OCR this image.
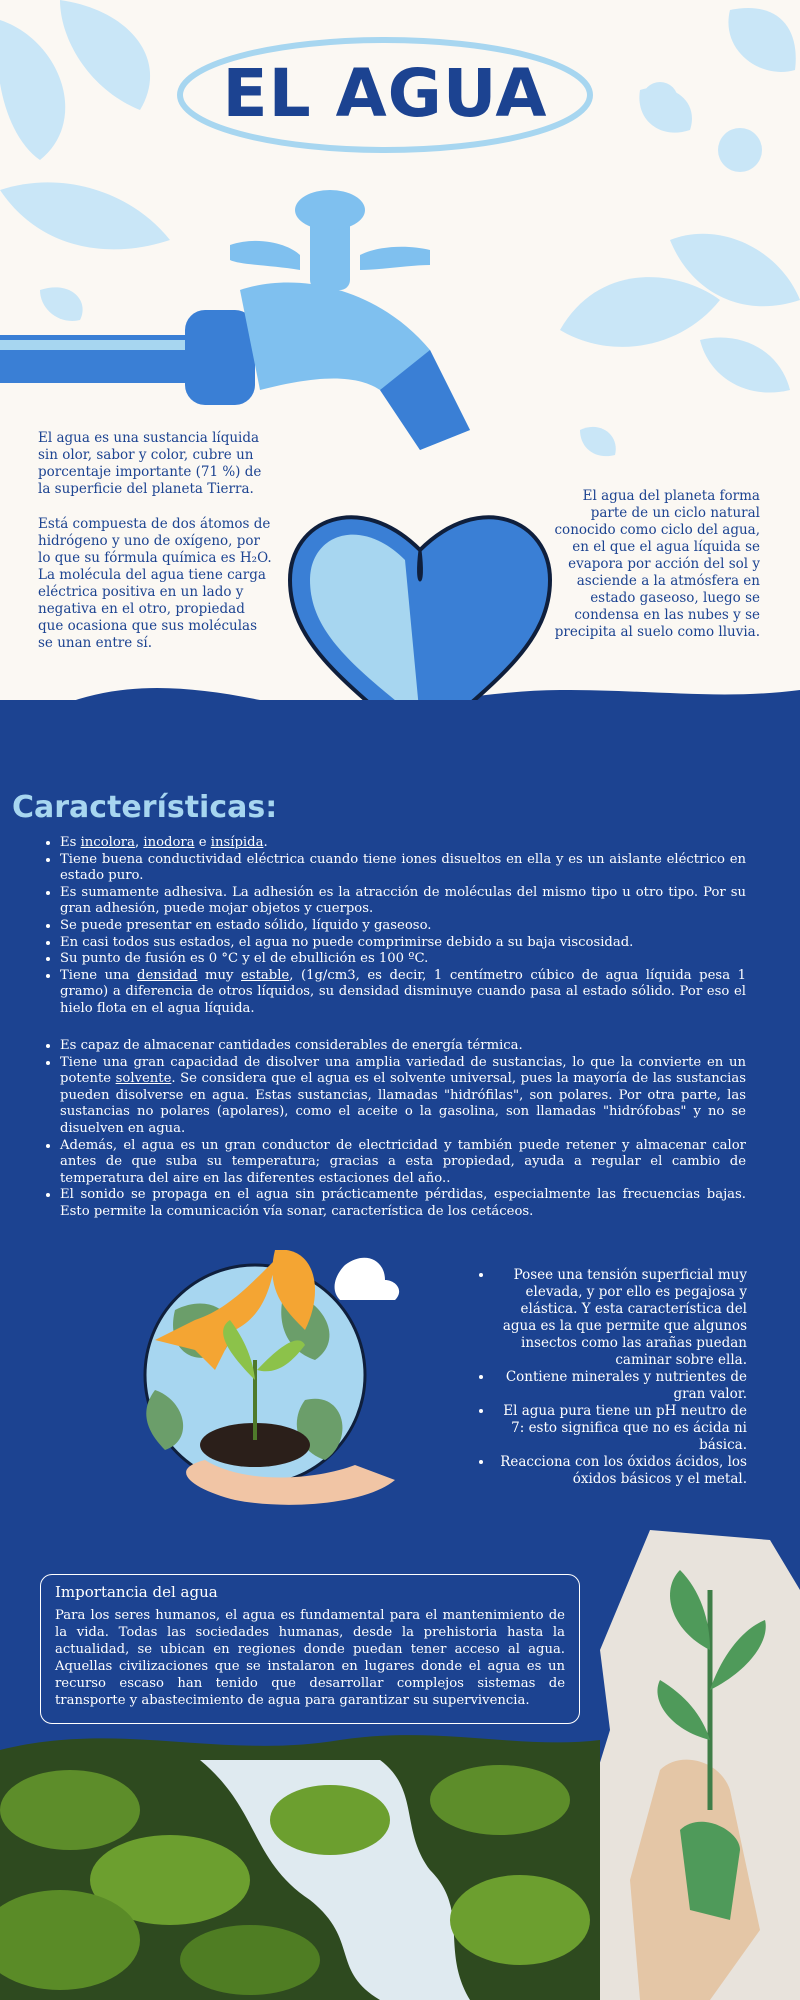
EL AGUA
El agua es una sustancia líquida sin olor, sabor y color, cubre un porcentaje importante (71 %) de la superficie del planeta Tierra.
Está compuesta de dos átomos de hidrógeno y uno de oxígeno, por lo que su fórmula química es H₂O. La molécula del agua tiene carga eléctrica positiva en un lado y negativa en el otro, propiedad que ocasiona que sus moléculas se unan entre sí.
El agua del planeta forma parte de un ciclo natural conocido como ciclo del agua, en el que el agua líquida se evapora por acción del sol y asciende a la atmósfera en estado gaseoso, luego se condensa en las nubes y se precipita al suelo como lluvia.
Características:
• Es incolora, inodora e insípida.
• Tiene buena conductividad eléctrica cuando tiene iones disueltos en ella y es un aislante eléctrico en estado puro.
• Es sumamente adhesiva. La adhesión es la atracción de moléculas del mismo tipo u otro tipo. Por su gran adhesión, puede mojar objetos y cuerpos.
• Se puede presentar en estado sólido, líquido y gaseoso.
• En casi todos sus estados, el agua no puede comprimirse debido a su baja viscosidad.
• Su punto de fusión es 0 °C y el de ebullición es 100 ºC.
• Tiene una densidad muy estable, (1g/cm3, es decir, 1 centímetro cúbico de agua líquida pesa 1 gramo) a diferencia de otros líquidos, su densidad disminuye cuando pasa al estado sólido. Por eso el hielo flota en el agua líquida.
• Es capaz de almacenar cantidades considerables de energía térmica.
• Tiene una gran capacidad de disolver una amplia variedad de sustancias, lo que la convierte en un potente solvente. Se considera que el agua es el solvente universal, pues la mayoría de las sustancias pueden disolverse en agua. Estas sustancias, llamadas "hidrófilas", son polares. Por otra parte, las sustancias no polares (apolares), como el aceite o la gasolina, son llamadas "hidrófobas" y no se disuelven en agua.
• Además, el agua es un gran conductor de electricidad y también puede retener y almacenar calor antes de que suba su temperatura; gracias a esta propiedad, ayuda a regular el cambio de temperatura del aire en las diferentes estaciones del año..
• El sonido se propaga en el agua sin prácticamente pérdidas, especialmente las frecuencias bajas. Esto permite la comunicación vía sonar, característica de los cetáceos.
• Posee una tensión superficial muy elevada, y por ello es pegajosa y elástica. Y esta característica del agua es la que permite que algunos insectos como las arañas puedan caminar sobre ella.
• Contiene minerales y nutrientes de gran valor.
• El agua pura tiene un pH neutro de 7: esto significa que no es ácida ni básica.
• Reacciona con los óxidos ácidos, los óxidos básicos y el metal.
Importancia del agua
Para los seres humanos, el agua es fundamental para el mantenimiento de la vida. Todas las sociedades humanas, desde la prehistoria hasta la actualidad, se ubican en regiones donde puedan tener acceso al agua. Aquellas civilizaciones que se instalaron en lugares donde el agua es un recurso escaso han tenido que desarrollar complejos sistemas de transporte y abastecimiento de agua para garantizar su supervivencia.
